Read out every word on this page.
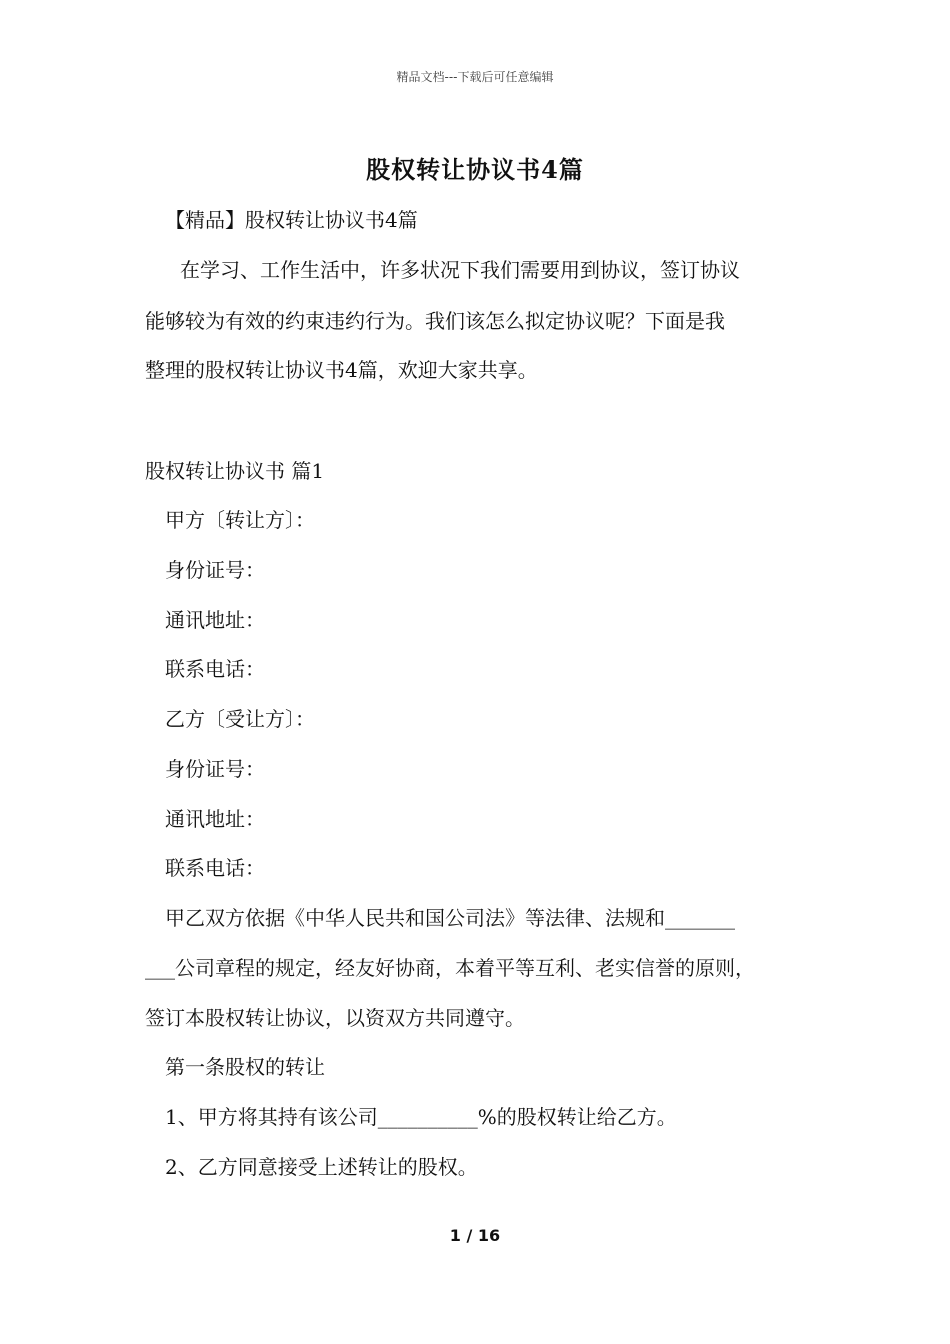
精品文档---下载后可任意编辑
股权转让协议书4篇
【精品】股权转让协议书4篇
在学习、工作生活中，许多状况下我们需要用到协议，签订协议
能够较为有效的约束违约行为。我们该怎么拟定协议呢？下面是我
整理的股权转让协议书4篇，欢迎大家共享。
股权转让协议书 篇1
甲方〔转让方〕：
身份证号：
通讯地址：
联系电话：
乙方〔受让方〕：
身份证号：
通讯地址：
联系电话：
甲乙双方依据《中华人民共和国公司法》等法律、法规和_______
___公司章程的规定，经友好协商，本着平等互利、老实信誉的原则，
签订本股权转让协议，以资双方共同遵守。
第一条股权的转让
1、甲方将其持有该公司__________%的股权转让给乙方。
2、乙方同意接受上述转让的股权。
1 / 16
